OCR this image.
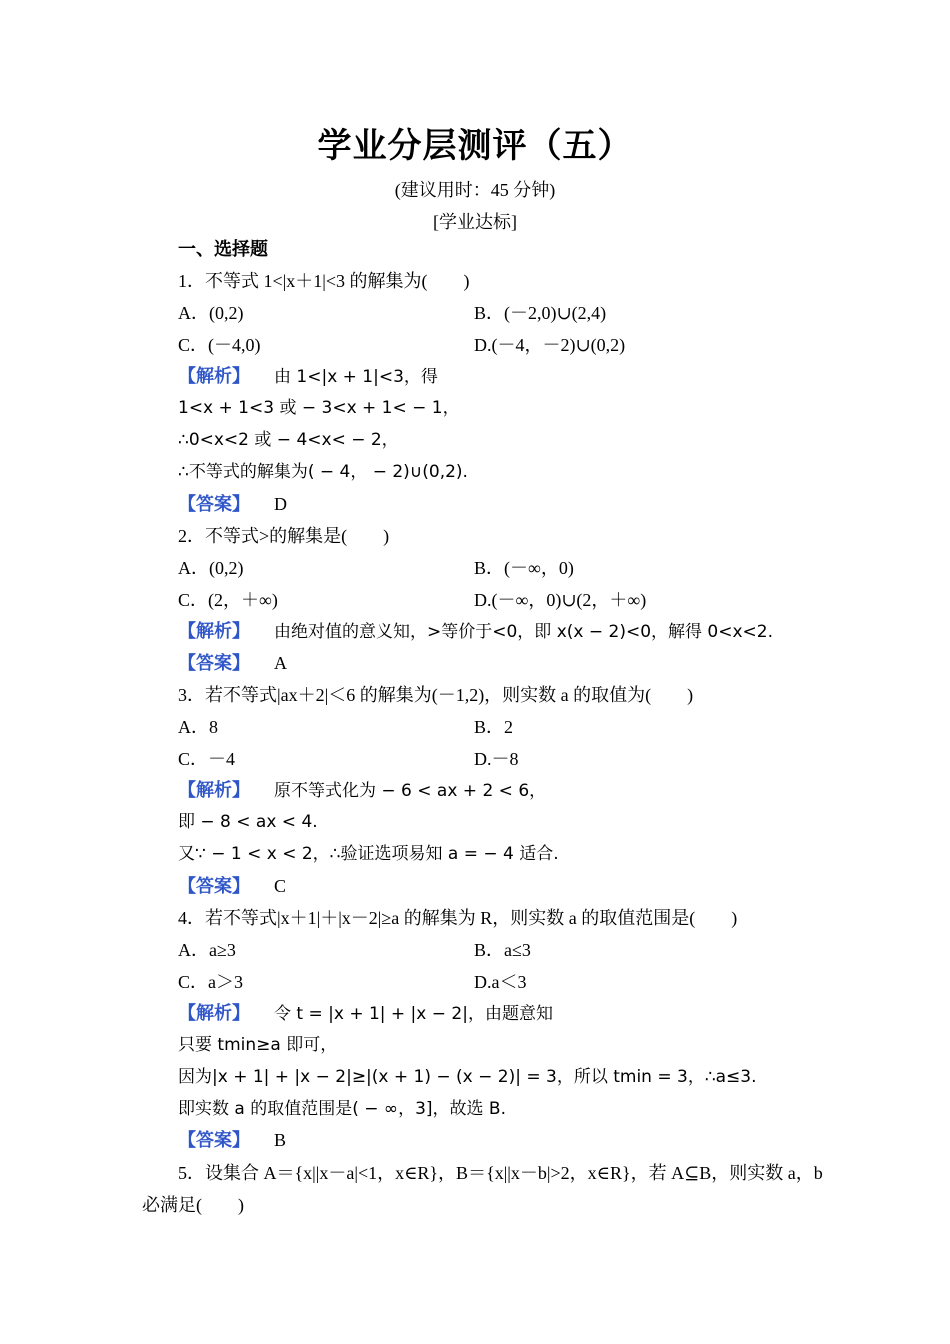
学业分层测评（五）
(建议用时：45 分钟)
[学业达标]
一、选择题
1．不等式 1<|x＋1|<3 的解集为(　　)
A．(0,2)	B．(－2,0)∪(2,4)
C．(－4,0)	D.(－4，－2)∪(0,2)
【解析】 由 1<|x + 1|<3，得
1<x + 1<3 或 − 3<x + 1< − 1，
∴0<x<2 或 − 4<x< − 2，
∴不等式的解集为( − 4， − 2)∪(0,2).
【答案】 D
2．不等式>的解集是(　　)
A．(0,2)	B．(－∞，0)
C．(2，＋∞)	D.(－∞，0)∪(2，＋∞)
【解析】 由绝对值的意义知，>等价于<0，即 x(x − 2)<0，解得 0<x<2.
【答案】 A
3．若不等式|ax＋2|＜6 的解集为(－1,2)，则实数 a 的取值为(　　)
A．8	B．2
C．－4	D.－8
【解析】 原不等式化为 − 6 < ax + 2 < 6，
即 − 8 < ax < 4.
又∵ − 1 < x < 2，∴验证选项易知 a = − 4 适合.
【答案】 C
4．若不等式|x＋1|＋|x－2|≥a 的解集为 R，则实数 a 的取值范围是(　　)
A．a≥3	B．a≤3
C．a＞3	D.a＜3
【解析】 令 t = |x + 1| + |x − 2|，由题意知
只要 tmin≥a 即可，
因为|x + 1| + |x − 2|≥|(x + 1) − (x − 2)| = 3，所以 tmin = 3，∴a≤3.
即实数 a 的取值范围是( − ∞，3]，故选 B.
【答案】 B
5．设集合 A＝{x||x－a|<1，x∈R}，B＝{x||x－b|>2，x∈R}，若 A⊆B，则实数 a，b
必满足(　　)
